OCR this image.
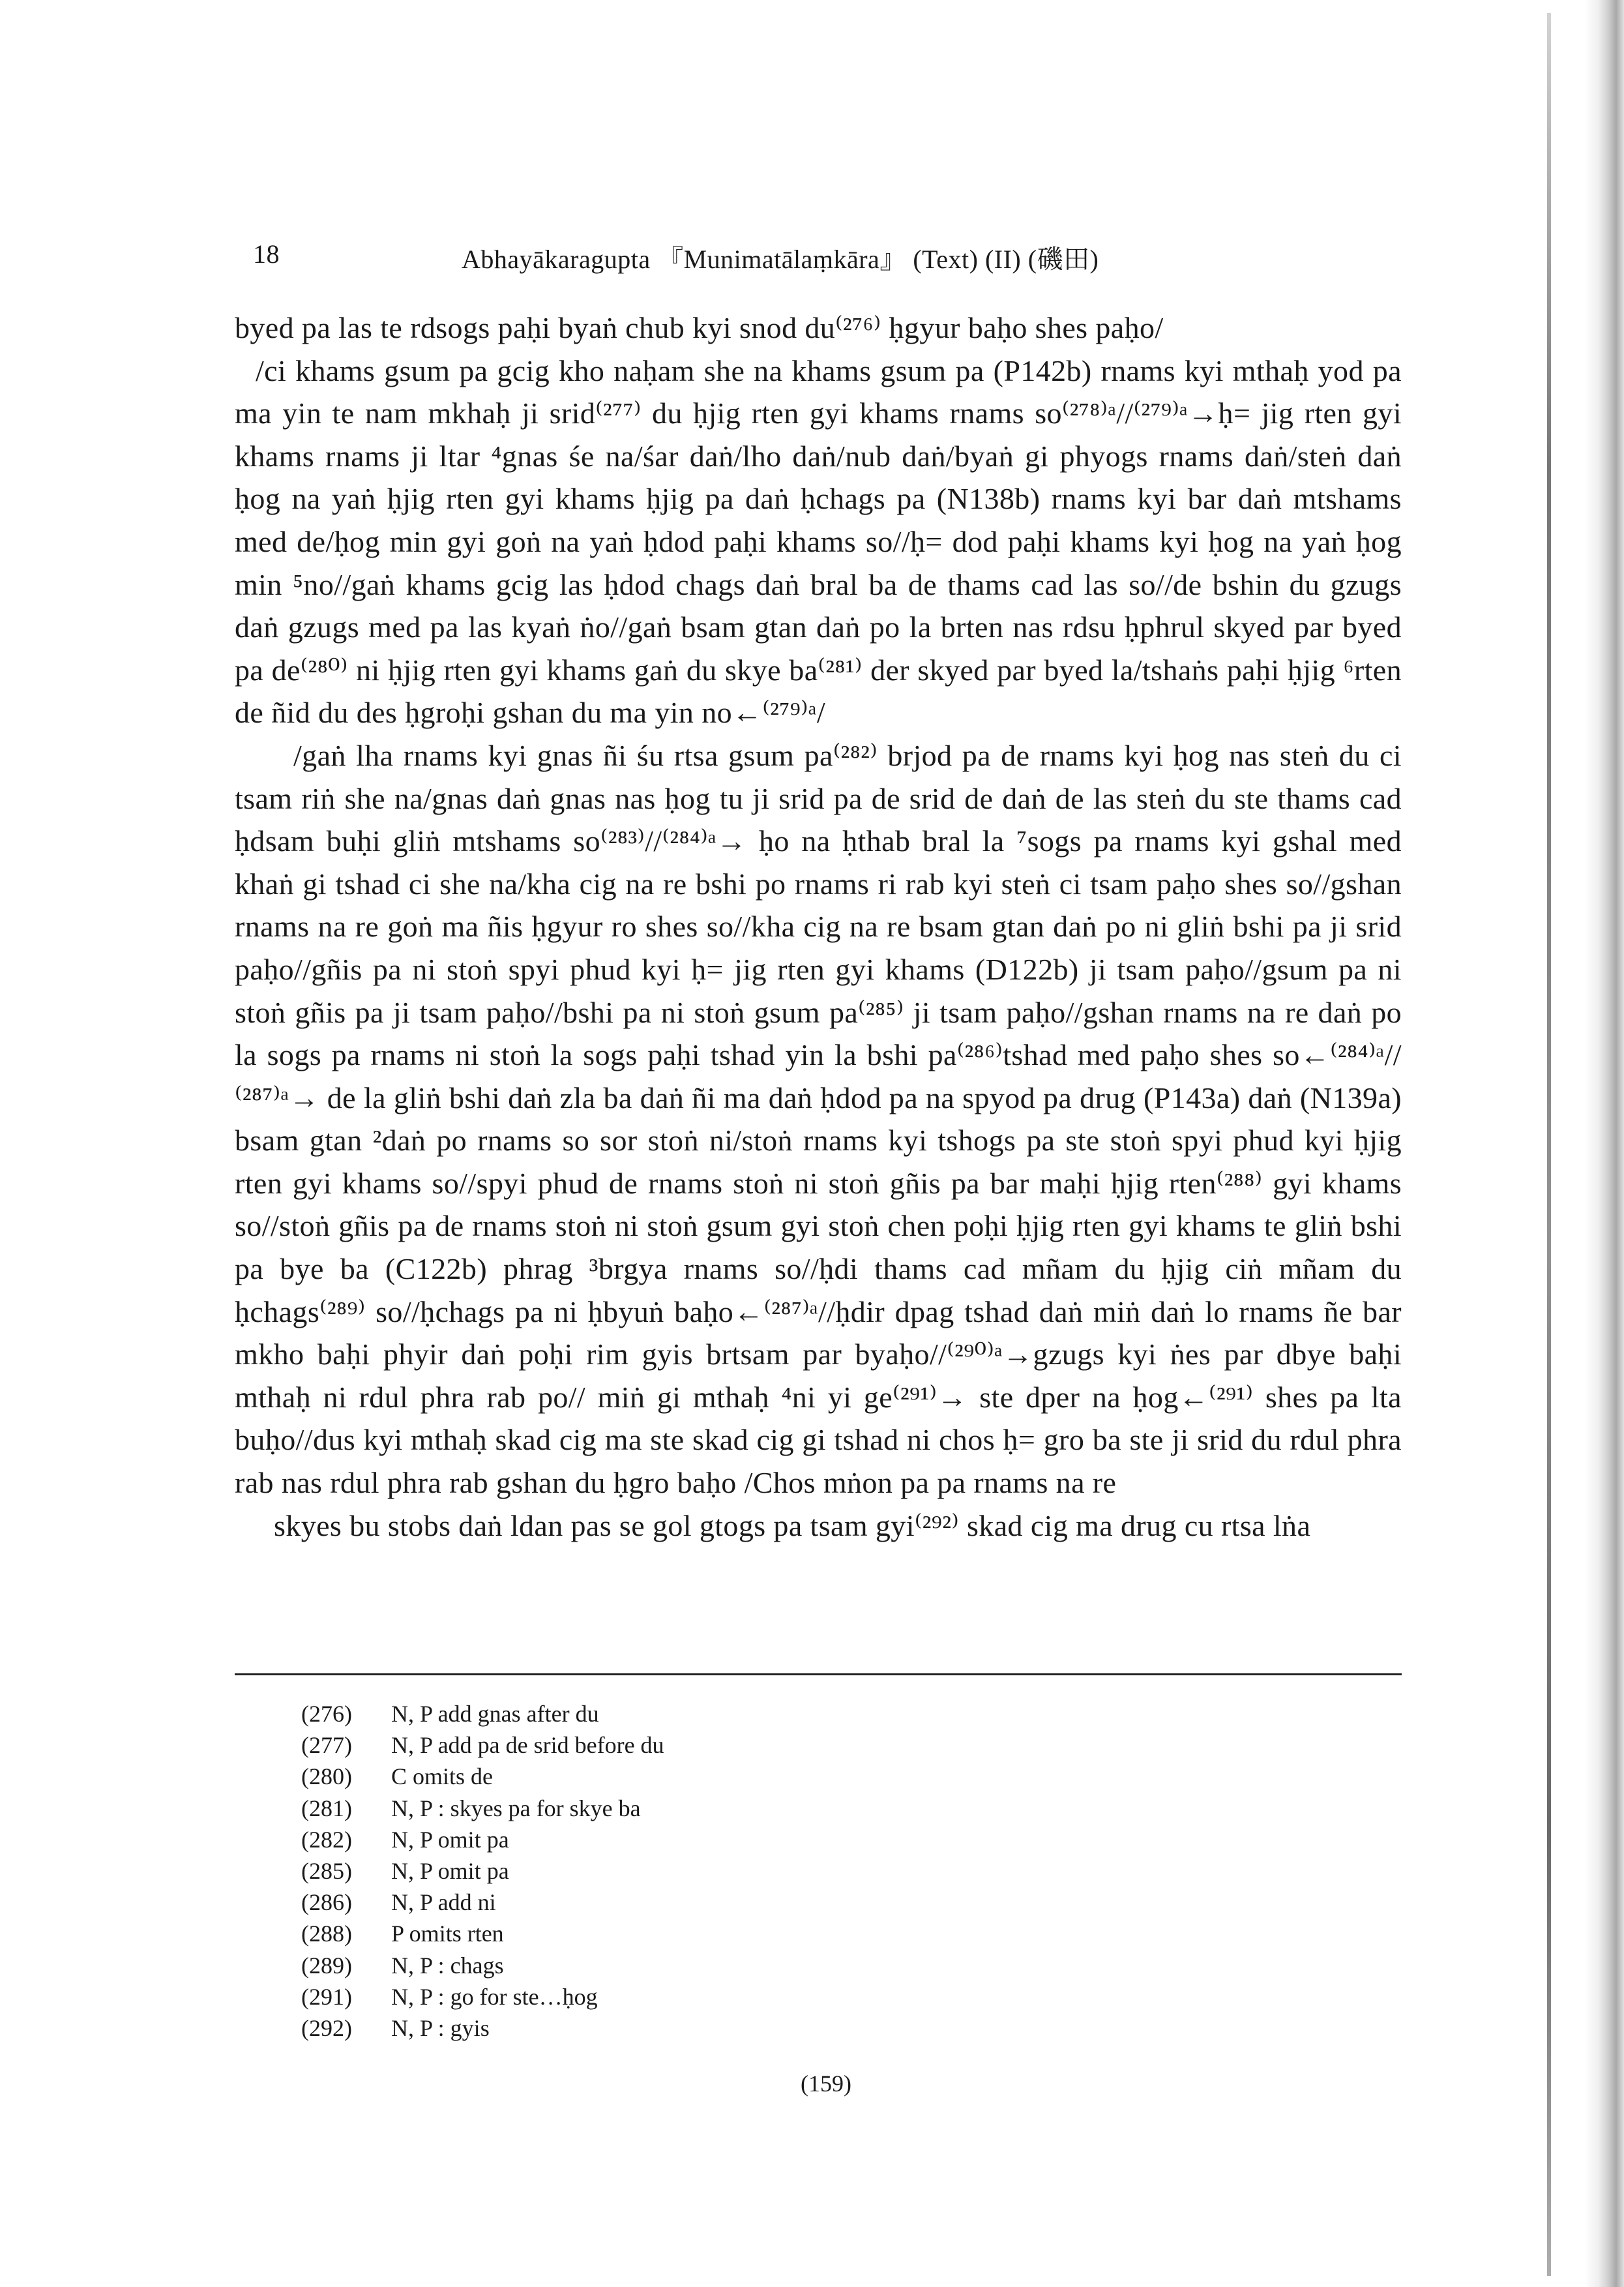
18	Abhayākaragupta 『Munimatālaṃkāra』 (Text) (II) (磯田)

byed pa las te rdsogs paḥi byaṅ chub kyi snod du⁽²⁷⁶⁾ ḥgyur baḥo shes paḥo/

/ci khams gsum pa gcig kho naḥam she na khams gsum pa (P142b) rnams kyi mthaḥ yod pa ma yin te nam mkhaḥ ji srid⁽²⁷⁷⁾ du ḥjig rten gyi khams rnams so⁽²⁷⁸⁾ᵃ//⁽²⁷⁹⁾ᵃ→ḥ= jig rten gyi khams rnams ji ltar ⁴gnas śe na/śar daṅ/lho daṅ/nub daṅ/byaṅ gi phyogs rnams daṅ/steṅ daṅ ḥog na yaṅ ḥjig rten gyi khams ḥjig pa daṅ ḥchags pa (N138b) rnams kyi bar daṅ mtshams med de/ḥog min gyi goṅ na yaṅ ḥdod paḥi khams so//ḥ= dod paḥi khams kyi ḥog na yaṅ ḥog min ⁵no//gaṅ khams gcig las ḥdod chags daṅ bral ba de thams cad las so//de bshin du gzugs daṅ gzugs med pa las kyaṅ ṅo//gaṅ bsam gtan daṅ po la brten nas rdsu ḥphrul skyed par byed pa de⁽²⁸⁰⁾ ni ḥjig rten gyi khams gaṅ du skye ba⁽²⁸¹⁾ der skyed par byed la/tshaṅs paḥi ḥjig ⁶rten de ñid du des ḥgroḥi gshan du ma yin no←⁽²⁷⁹⁾ᵃ/

/gaṅ lha rnams kyi gnas ñi śu rtsa gsum pa⁽²⁸²⁾ brjod pa de rnams kyi ḥog nas steṅ du ci tsam riṅ she na/gnas daṅ gnas nas ḥog tu ji srid pa de srid de daṅ de las steṅ du ste thams cad ḥdsam buḥi gliṅ mtshams so⁽²⁸³⁾//⁽²⁸⁴⁾ᵃ→ ḥo na ḥthab bral la ⁷sogs pa rnams kyi gshal med khaṅ gi tshad ci she na/kha cig na re bshi po rnams ri rab kyi steṅ ci tsam paḥo shes so//gshan rnams na re goṅ ma ñis ḥgyur ro shes so//kha cig na re bsam gtan daṅ po ni gliṅ bshi pa ji srid paḥo//gñis pa ni stoṅ spyi phud kyi ḥ= jig rten gyi khams (D122b) ji tsam paḥo//gsum pa ni stoṅ gñis pa ji tsam paḥo//bshi pa ni stoṅ gsum pa⁽²⁸⁵⁾ ji tsam paḥo//gshan rnams na re daṅ po la sogs pa rnams ni stoṅ la sogs paḥi tshad yin la bshi pa⁽²⁸⁶⁾tshad med paḥo shes so←⁽²⁸⁴⁾ᵃ//⁽²⁸⁷⁾ᵃ→ de la gliṅ bshi daṅ zla ba daṅ ñi ma daṅ ḥdod pa na spyod pa drug (P143a) daṅ (N139a) bsam gtan ²daṅ po rnams so sor stoṅ ni/stoṅ rnams kyi tshogs pa ste stoṅ spyi phud kyi ḥjig rten gyi khams so//spyi phud de rnams stoṅ ni stoṅ gñis pa bar maḥi ḥjig rten⁽²⁸⁸⁾ gyi khams so//stoṅ gñis pa de rnams stoṅ ni stoṅ gsum gyi stoṅ chen poḥi ḥjig rten gyi khams te gliṅ bshi pa bye ba (C122b) phrag ³brgya rnams so//ḥdi thams cad mñam du ḥjig ciṅ mñam du ḥchags⁽²⁸⁹⁾ so//ḥchags pa ni ḥbyuṅ baḥo←⁽²⁸⁷⁾ᵃ//ḥdir dpag tshad daṅ miṅ daṅ lo rnams ñe bar mkho baḥi phyir daṅ poḥi rim gyis brtsam par byaḥo//⁽²⁹⁰⁾ᵃ→gzugs kyi ṅes par dbye baḥi mthaḥ ni rdul phra rab po// miṅ gi mthaḥ ⁴ni yi ge⁽²⁹¹⁾→ ste dper na ḥog←⁽²⁹¹⁾ shes pa lta buḥo//dus kyi mthaḥ skad cig ma ste skad cig gi tshad ni chos ḥ= gro ba ste ji srid du rdul phra rab nas rdul phra rab gshan du ḥgro baḥo /Chos mṅon pa pa rnams na re

skyes bu stobs daṅ ldan pas se gol gtogs pa tsam gyi⁽²⁹²⁾ skad cig ma drug cu rtsa lṅa

(276)	N, P add gnas after du
(277)	N, P add pa de srid before du
(280)	C omits de
(281)	N, P : skyes pa for skye ba
(282)	N, P omit pa
(285)	N, P omit pa
(286)	N, P add ni
(288)	P omits rten
(289)	N, P : chags
(291)	N, P : go for ste…ḥog
(292)	N, P : gyis
(159)
